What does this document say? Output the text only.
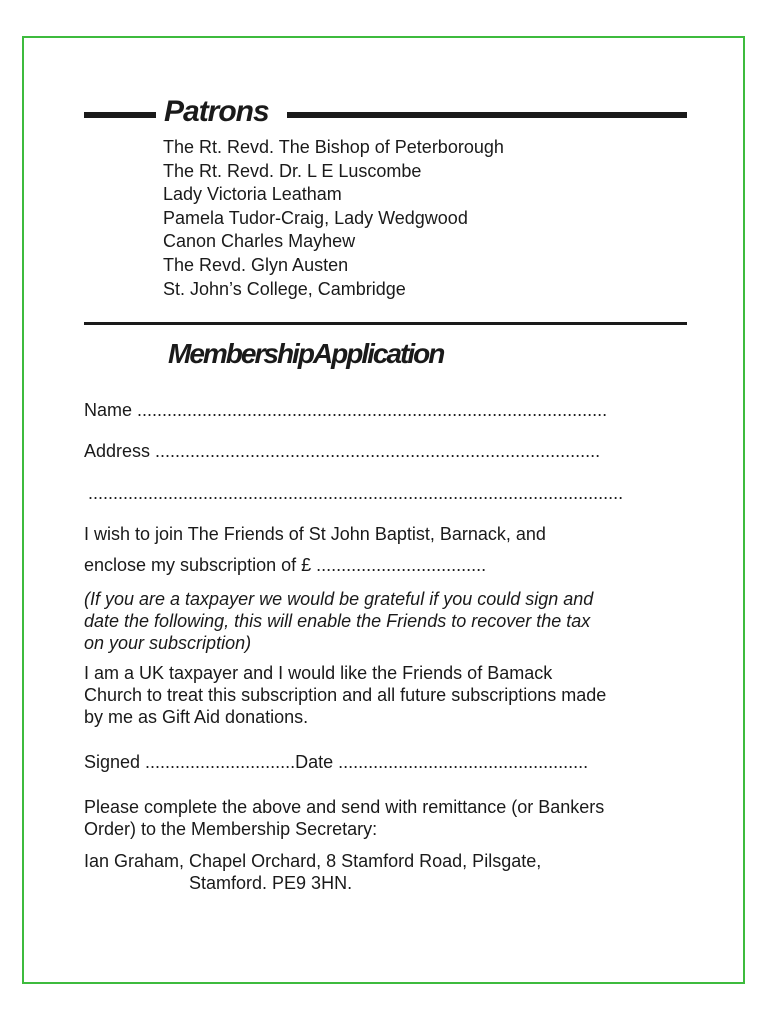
Patrons
The Rt. Revd. The Bishop of Peterborough
The Rt. Revd. Dr. L E Luscombe
Lady Victoria Leatham
Pamela Tudor-Craig, Lady Wedgwood
Canon Charles Mayhew
The Revd. Glyn Austen
St. John’s College, Cambridge
MembershipApplication
Name ..............................................................................................
Address .........................................................................................
...........................................................................................................
I wish to join The Friends of St John Baptist, Barnack, and
enclose my subscription of £ ..................................
(If you are a taxpayer we would be grateful if you could sign and
date the following, this will enable the Friends to recover the tax
on your subscription)
I am a UK taxpayer and I would like the Friends of Bamack
Church to treat this subscription and all future subscriptions made
by me as Gift Aid donations.
Signed ..............................Date ..................................................
Please complete the above and send with remittance (or Bankers
Order) to the Membership Secretary:
Ian Graham, Chapel Orchard, 8 Stamford Road, Pilsgate,
Stamford. PE9 3HN.
